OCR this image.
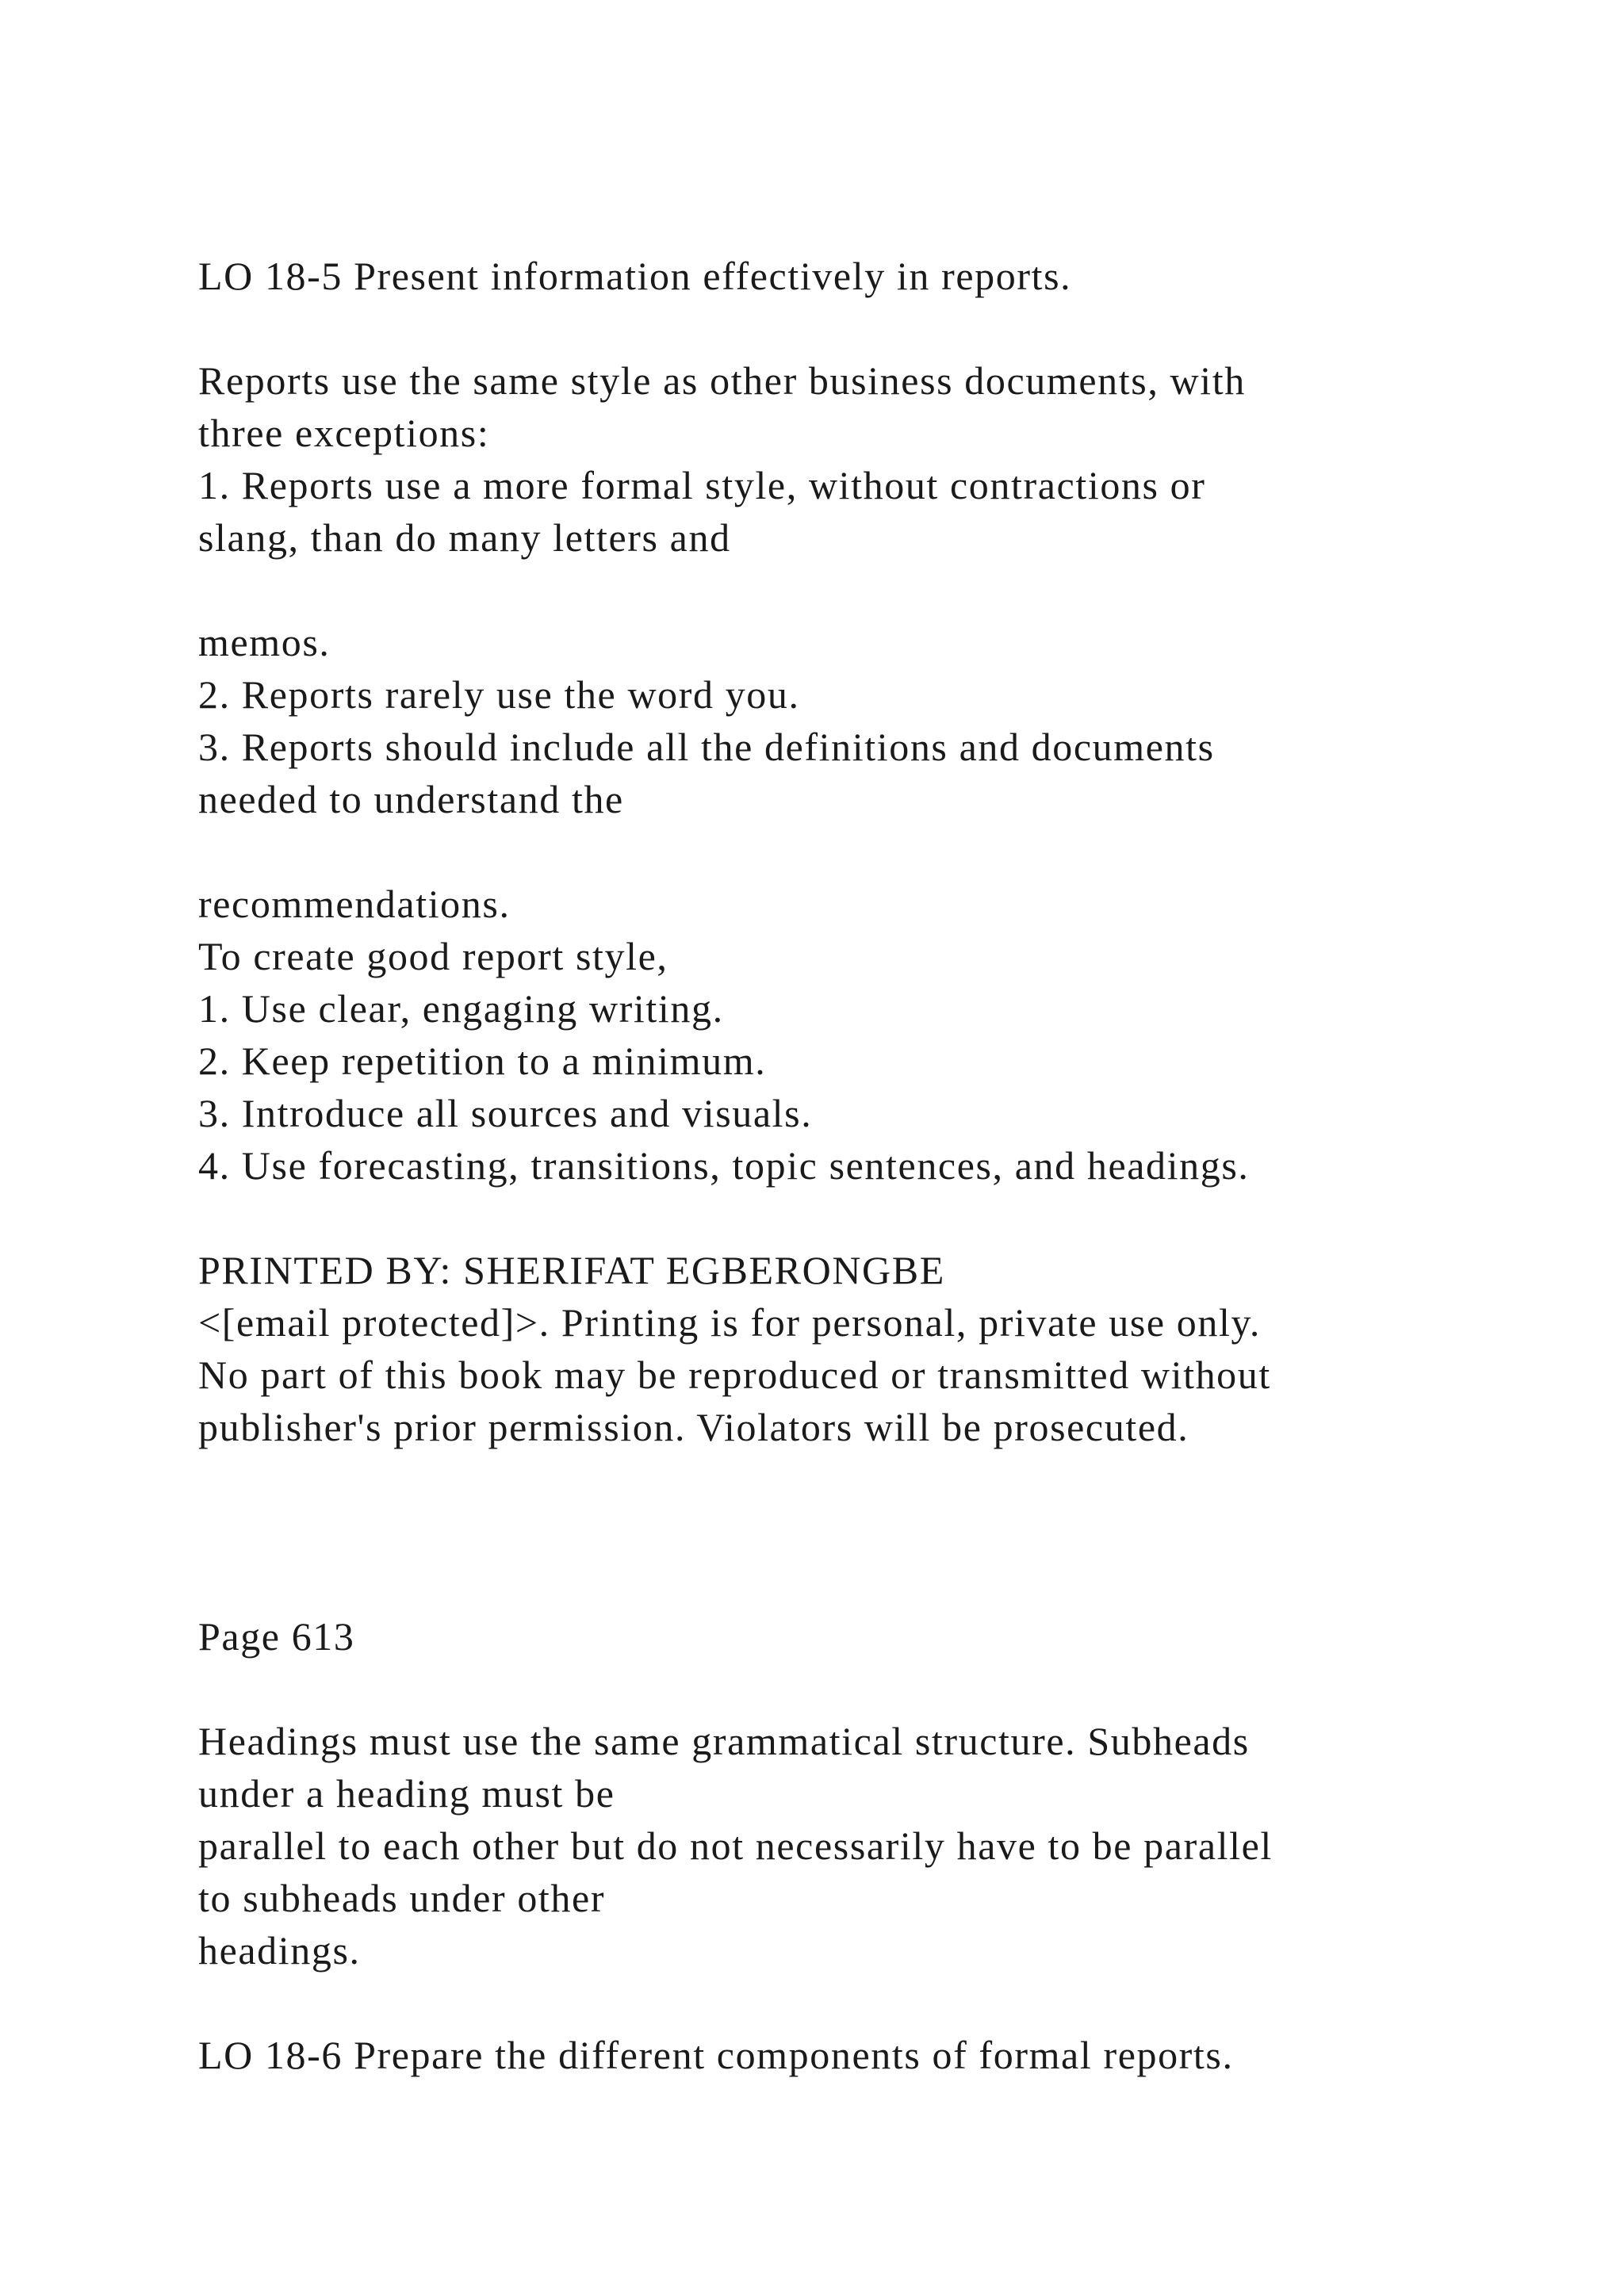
LO 18-5 Present information effectively in reports.

Reports use the same style as other business documents, with

three exceptions:

1. Reports use a more formal style, without contractions or

slang, than do many letters and

memos.

2. Reports rarely use the word you.

3. Reports should include all the definitions and documents

needed to understand the

recommendations.

To create good report style,

1. Use clear, engaging writing.

2. Keep repetition to a minimum.

3. Introduce all sources and visuals.

4. Use forecasting, transitions, topic sentences, and headings.

PRINTED BY: SHERIFAT EGBERONGBE

<[email protected]>. Printing is for personal, private use only.

No part of this book may be reproduced or transmitted without

publisher's prior permission. Violators will be prosecuted.

Page 613

Headings must use the same grammatical structure. Subheads

under a heading must be

parallel to each other but do not necessarily have to be parallel

to subheads under other

headings.

LO 18-6 Prepare the different components of formal reports.
